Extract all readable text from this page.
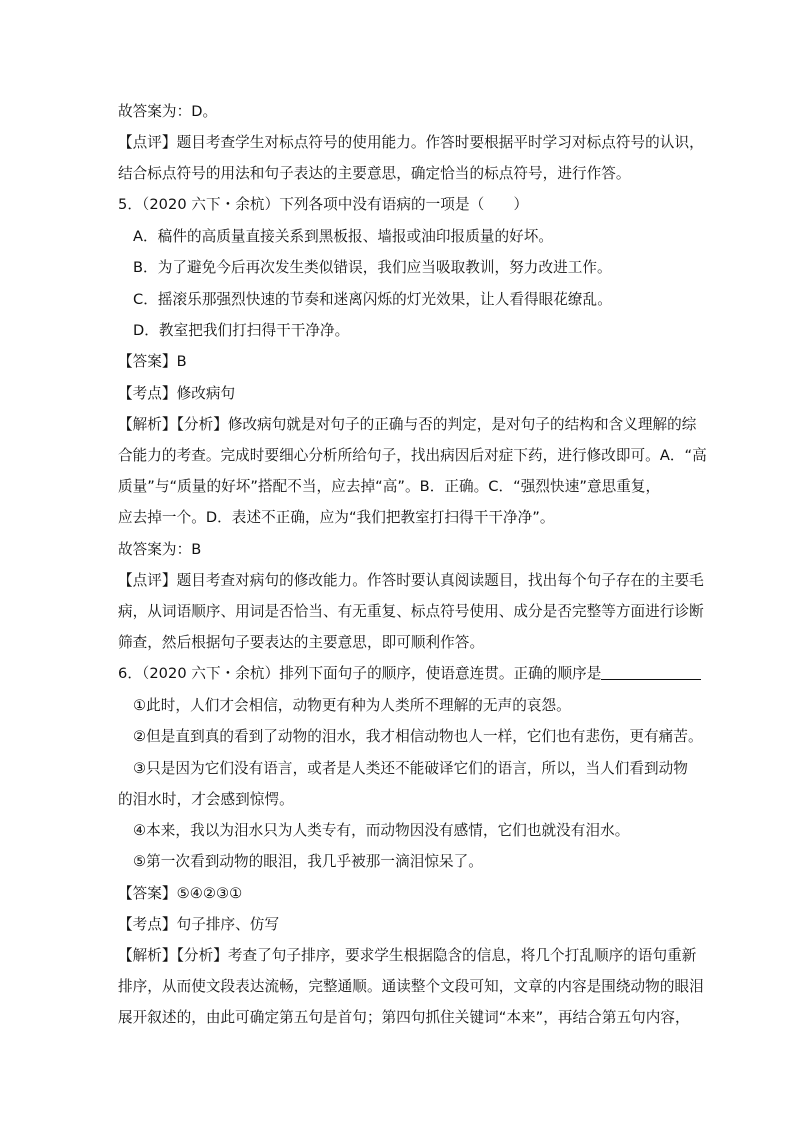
故答案为：D。
【点评】题目考查学生对标点符号的使用能力。作答时要根据平时学习对标点符号的认识，
结合标点符号的用法和句子表达的主要意思，确定恰当的标点符号，进行作答。
5．（2020 六下・余杭）下列各项中没有语病的一项是（　　）
A．稿件的高质量直接关系到黑板报、墙报或油印报质量的好坏。
B．为了避免今后再次发生类似错误，我们应当吸取教训，努力改进工作。
C．摇滚乐那强烈快速的节奏和迷离闪烁的灯光效果，让人看得眼花缭乱。
D．教室把我们打扫得干干净净。
【答案】B
【考点】修改病句
【解析】【分析】修改病句就是对句子的正确与否的判定，是对句子的结构和含义理解的综
合能力的考查。完成时要细心分析所给句子，找出病因后对症下药，进行修改即可。A．“高
质量”与“质量的好坏”搭配不当，应去掉“高”。B．正确。C．“强烈快速”意思重复，
应去掉一个。D．表述不正确，应为“我们把教室打扫得干干净净”。
故答案为：B
【点评】题目考查对病句的修改能力。作答时要认真阅读题目，找出每个句子存在的主要毛
病，从词语顺序、用词是否恰当、有无重复、标点符号使用、成分是否完整等方面进行诊断
筛查，然后根据句子要表达的主要意思，即可顺利作答。
6．（2020 六下・余杭）排列下面句子的顺序，使语意连贯。正确的顺序是
①此时，人们才会相信，动物更有种为人类所不理解的无声的哀怨。
②但是直到真的看到了动物的泪水，我才相信动物也人一样，它们也有悲伤，更有痛苦。
③只是因为它们没有语言，或者是人类还不能破译它们的语言，所以，当人们看到动物
的泪水时，才会感到惊愕。
④本来，我以为泪水只为人类专有，而动物因没有感情，它们也就没有泪水。
⑤第一次看到动物的眼泪，我几乎被那一滴泪惊呆了。
【答案】⑤④②③①
【考点】句子排序、仿写
【解析】【分析】考查了句子排序，要求学生根据隐含的信息，将几个打乱顺序的语句重新
排序，从而使文段表达流畅，完整通顺。通读整个文段可知，文章的内容是围绕动物的眼泪
展开叙述的，由此可确定第五句是首句；第四句抓住关键词“本来”，再结合第五句内容，
